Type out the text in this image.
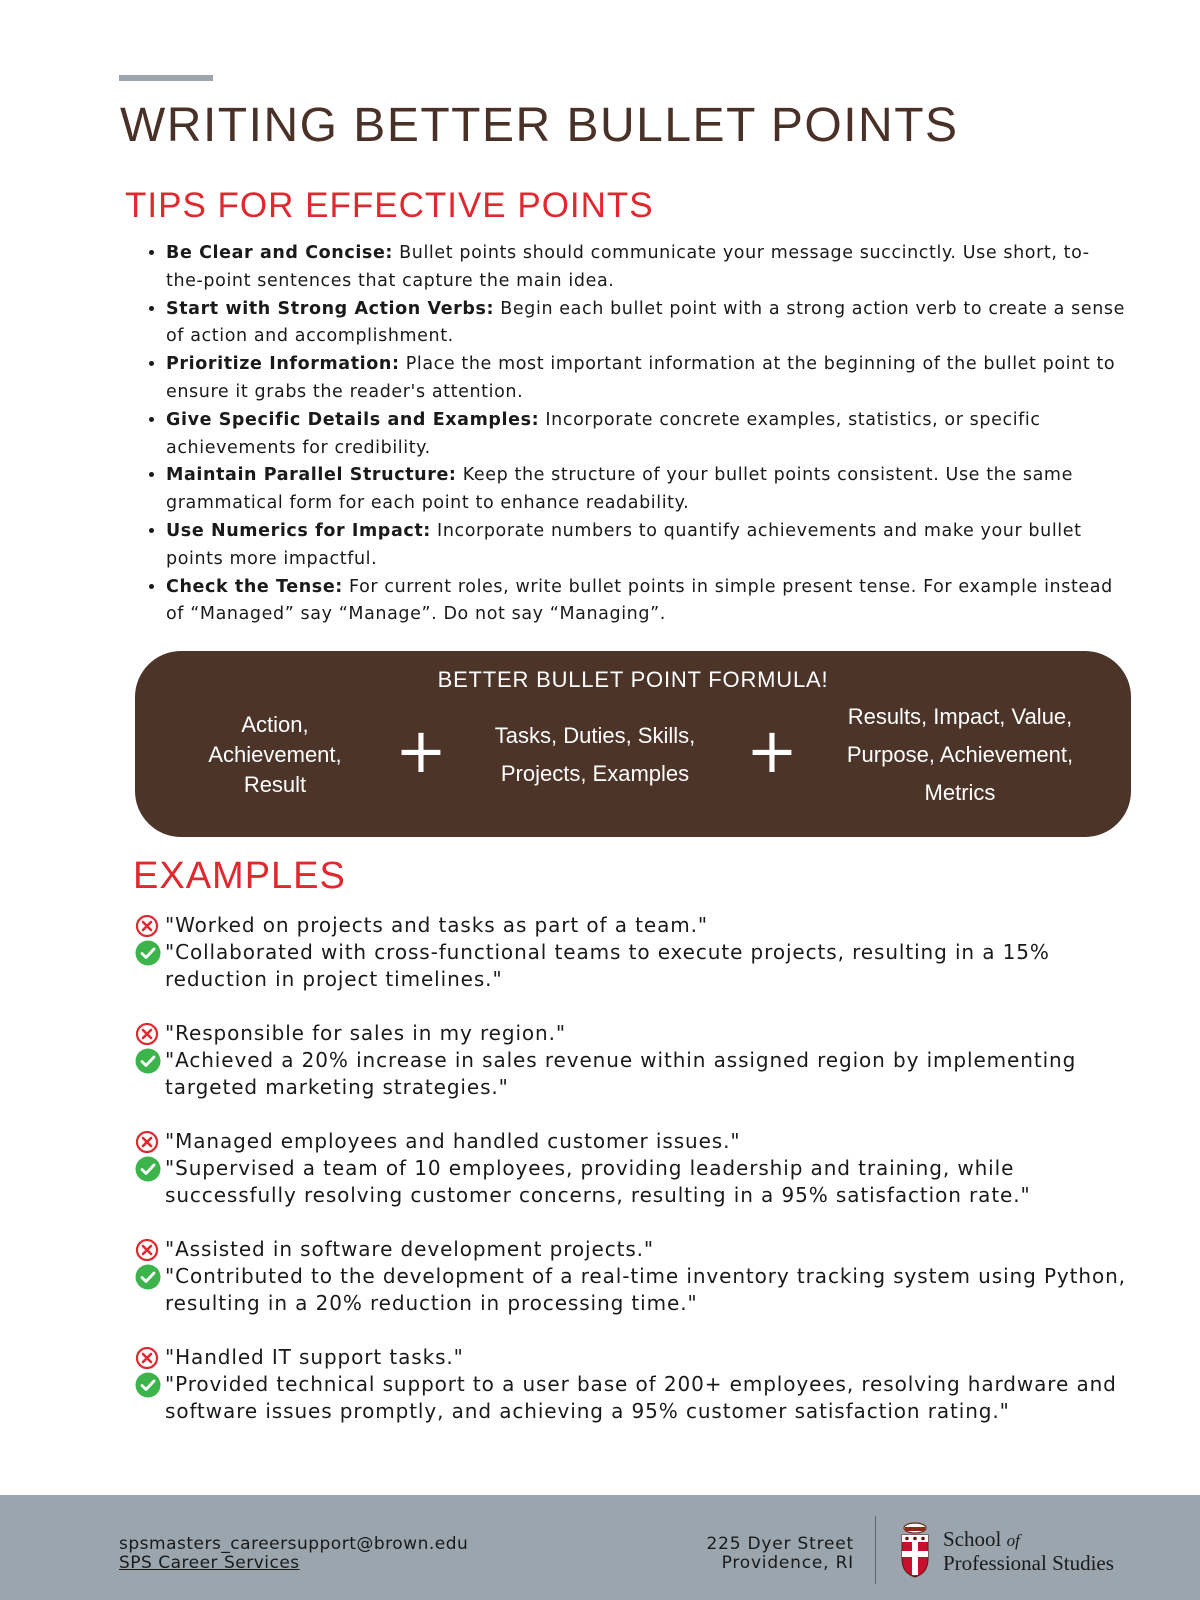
WRITING BETTER BULLET POINTS
TIPS FOR EFFECTIVE POINTS
• Be Clear and Concise: Bullet points should communicate your message succinctly. Use short, to-the-point sentences that capture the main idea.
• Start with Strong Action Verbs: Begin each bullet point with a strong action verb to create a sense of action and accomplishment.
• Prioritize Information: Place the most important information at the beginning of the bullet point to ensure it grabs the reader's attention.
• Give Specific Details and Examples: Incorporate concrete examples, statistics, or specific achievements for credibility.
• Maintain Parallel Structure: Keep the structure of your bullet points consistent. Use the same grammatical form for each point to enhance readability.
• Use Numerics for Impact: Incorporate numbers to quantify achievements and make your bullet points more impactful.
• Check the Tense: For current roles, write bullet points in simple present tense. For example instead of “Managed” say “Manage”. Do not say “Managing”.
BETTER BULLET POINT FORMULA!
Action,
Achievement,
Result	+	Tasks, Duties, Skills,
Projects, Examples +	Results, Impact, Value,
Purpose, Achievement,
Metrics
EXAMPLES
"Worked on projects and tasks as part of a team."
"Collaborated with cross-functional teams to execute projects, resulting in a 15% reduction in project timelines."
"Responsible for sales in my region."
"Achieved a 20% increase in sales revenue within assigned region by implementing targeted marketing strategies."
"Managed employees and handled customer issues."
"Supervised a team of 10 employees, providing leadership and training, while successfully resolving customer concerns, resulting in a 95% satisfaction rate."
"Assisted in software development projects."
"Contributed to the development of a real-time inventory tracking system using Python, resulting in a 20% reduction in processing time."
"Handled IT support tasks."
"Provided technical support to a user base of 200+ employees, resolving hardware and software issues promptly, and achieving a 95% customer satisfaction rating."
spsmasters_careersupport@brown.edu
SPS Career Services
225 Dyer Street
Providence, RI
School of
Professional Studies
